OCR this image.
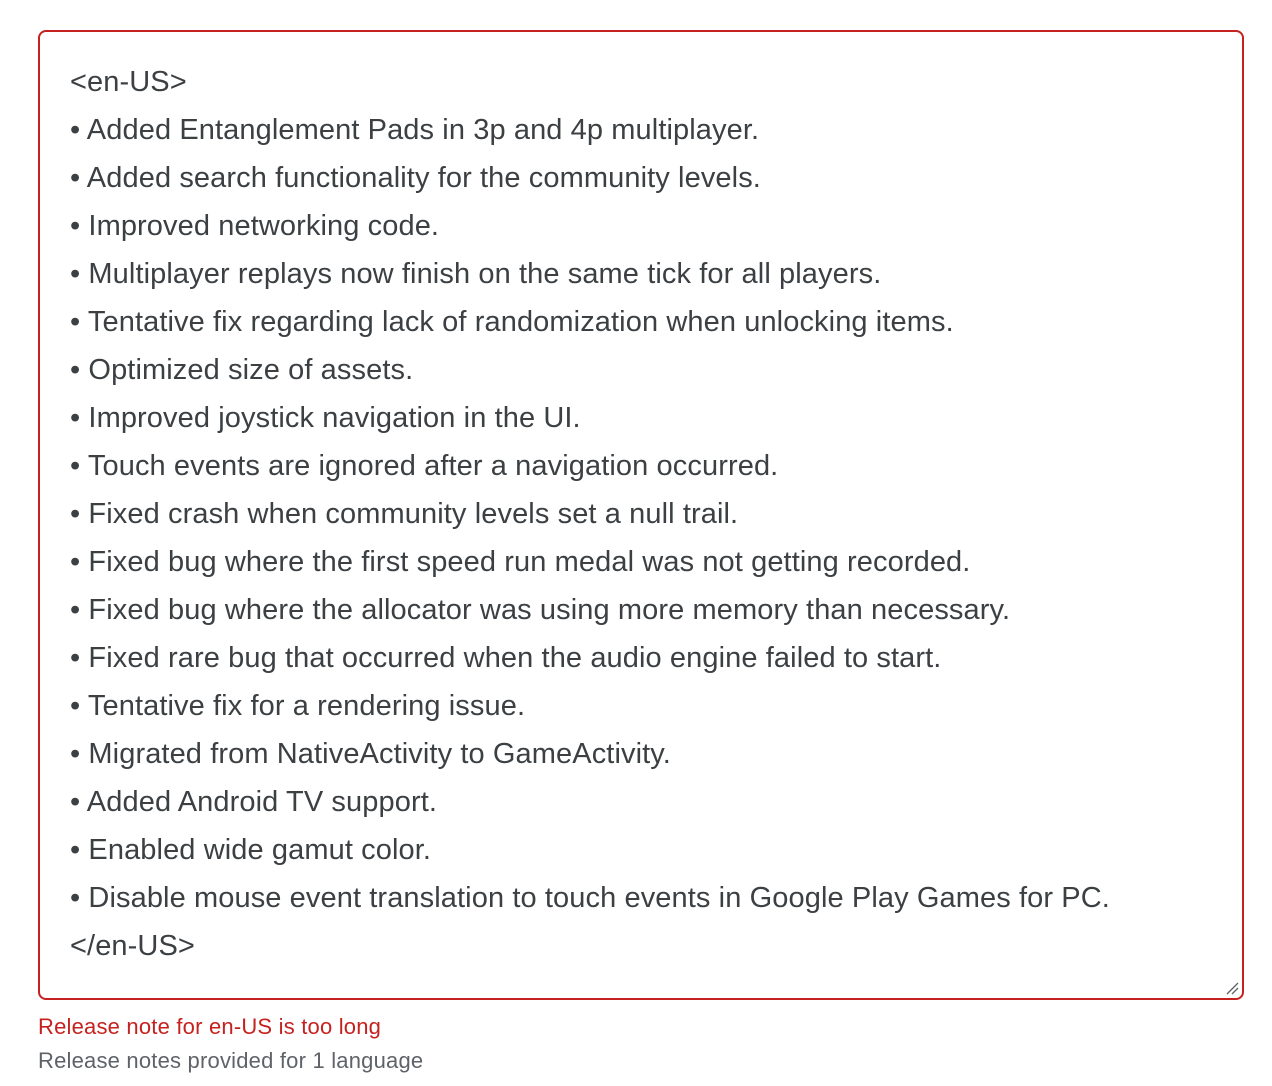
<en-US>
• Added Entanglement Pads in 3p and 4p multiplayer.
• Added search functionality for the community levels.
• Improved networking code.
• Multiplayer replays now finish on the same tick for all players.
• Tentative fix regarding lack of randomization when unlocking items.
• Optimized size of assets.
• Improved joystick navigation in the UI.
• Touch events are ignored after a navigation occurred.
• Fixed crash when community levels set a null trail.
• Fixed bug where the first speed run medal was not getting recorded.
• Fixed bug where the allocator was using more memory than necessary.
• Fixed rare bug that occurred when the audio engine failed to start.
• Tentative fix for a rendering issue.
• Migrated from NativeActivity to GameActivity.
• Added Android TV support.
• Enabled wide gamut color.
• Disable mouse event translation to touch events in Google Play Games for PC.
</en-US>
Release note for en-US is too long
Release notes provided for 1 language
